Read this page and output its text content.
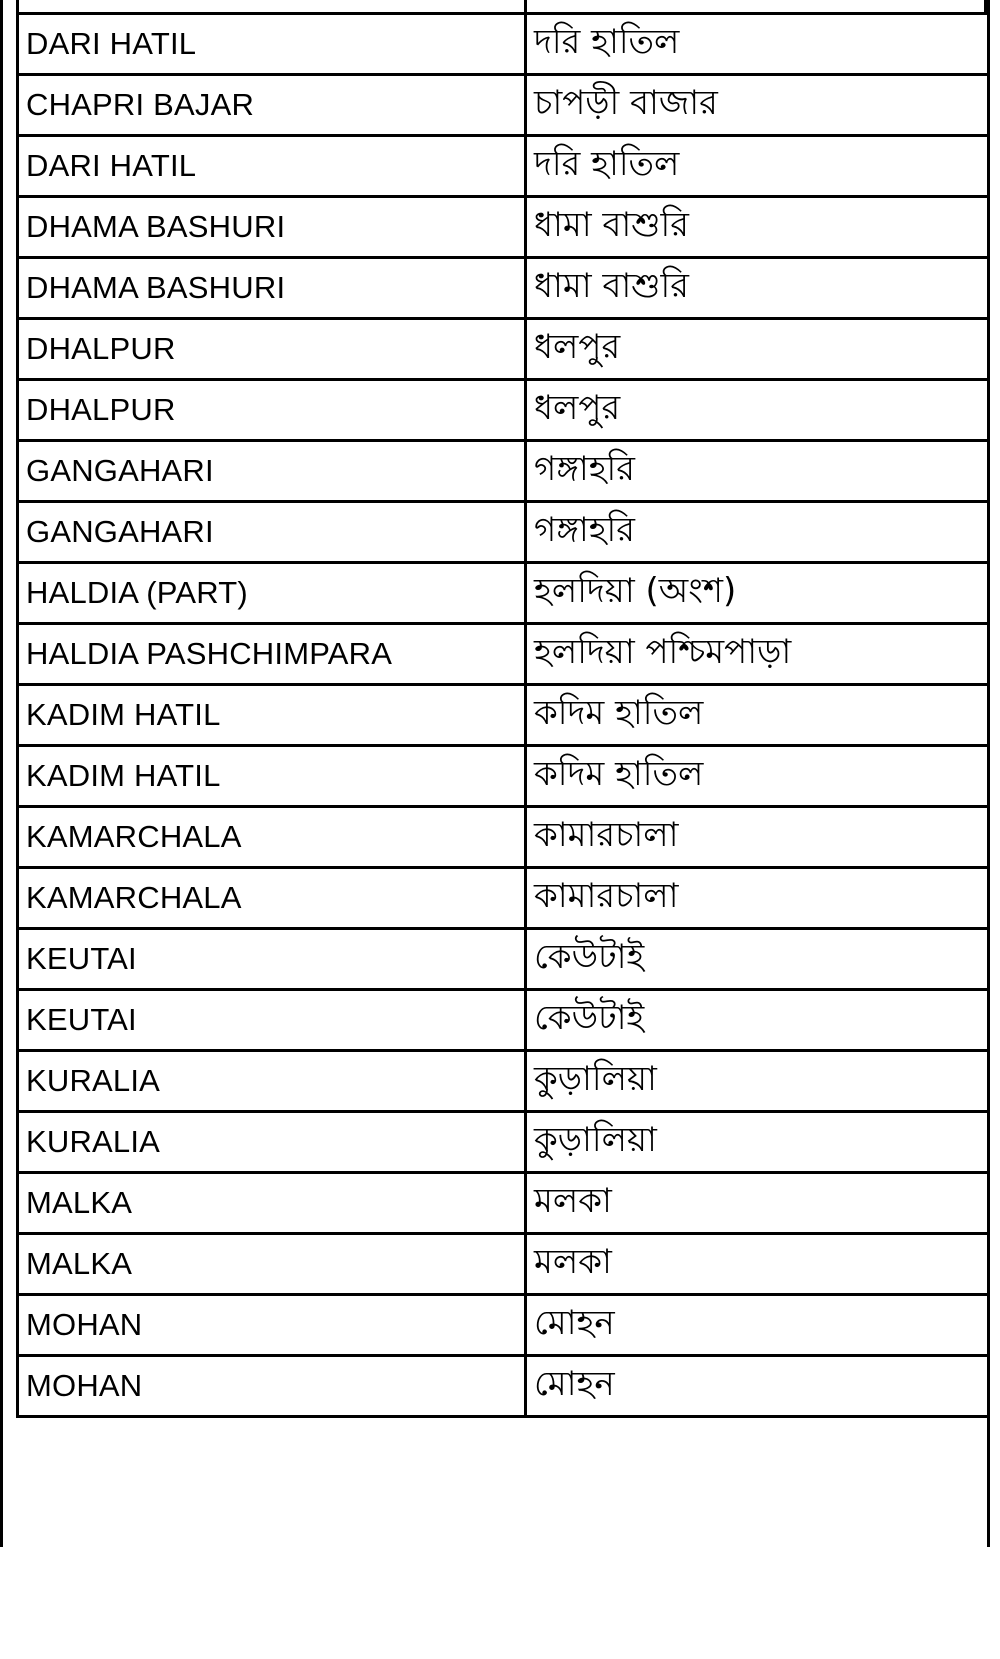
DARI HATIL	দরি হাতিল
CHAPRI BAJAR	চাপড়ী বাজার
DARI HATIL	দরি হাতিল
DHAMA BASHURI	ধামা বাশুরি
DHAMA BASHURI	ধামা বাশুরি
DHALPUR	ধলপুর
DHALPUR	ধলপুর
GANGAHARI	গঙ্গাহরি
GANGAHARI	গঙ্গাহরি
HALDIA (PART)	হলদিয়া (অংশ)
HALDIA PASHCHIMPARA	হলদিয়া পশ্চিমপাড়া
KADIM HATIL	কদিম হাতিল
KADIM HATIL	কদিম হাতিল
KAMARCHALA	কামারচালা
KAMARCHALA	কামারচালা
KEUTAI	কেউটাই
KEUTAI	কেউটাই
KURALIA	কুড়ালিয়া
KURALIA	কুড়ালিয়া
MALKA	মলকা
MALKA	মলকা
MOHAN	মোহন
MOHAN	মোহন
